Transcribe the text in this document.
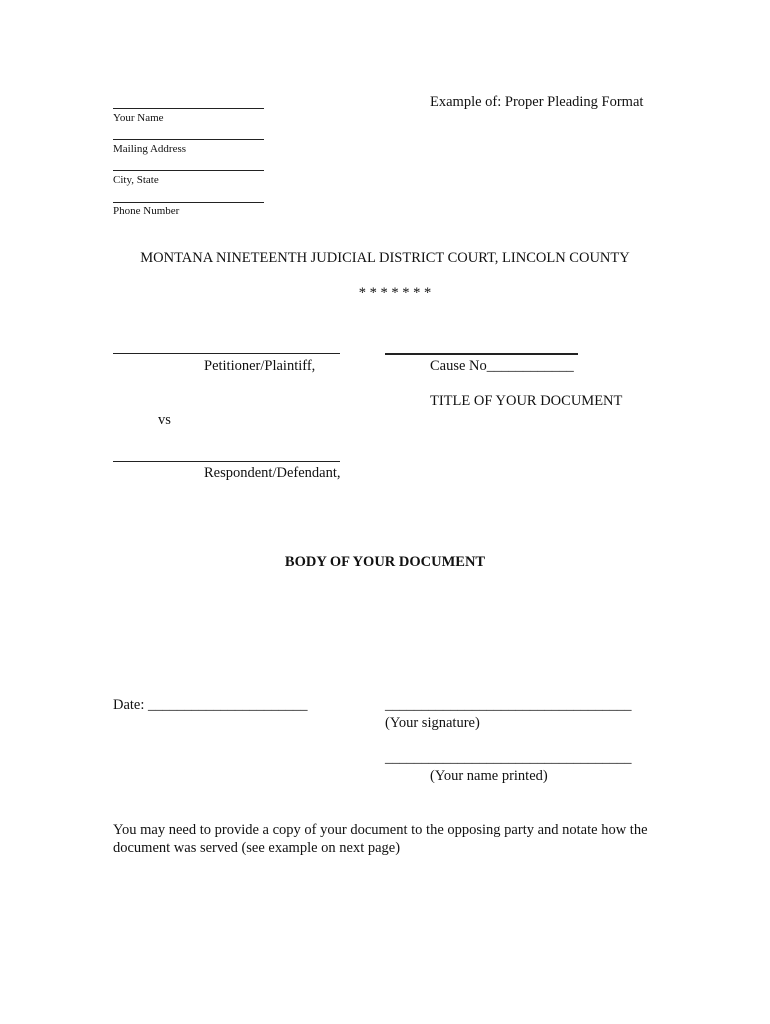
Example of: Proper Pleading Format
Your Name
Mailing Address
City, State
Phone Number
MONTANA NINETEENTH JUDICIAL DISTRICT COURT, LINCOLN COUNTY
* * * * * * *
Petitioner/Plaintiff,	Cause No____________
TITLE OF YOUR DOCUMENT
vs
Respondent/Defendant,
BODY OF YOUR DOCUMENT
Date: ______________________	__________________________________
(Your signature)
__________________________________
(Your name printed)
You may need to provide a copy of your document to the opposing party and notate how the document was served (see example on next page)
